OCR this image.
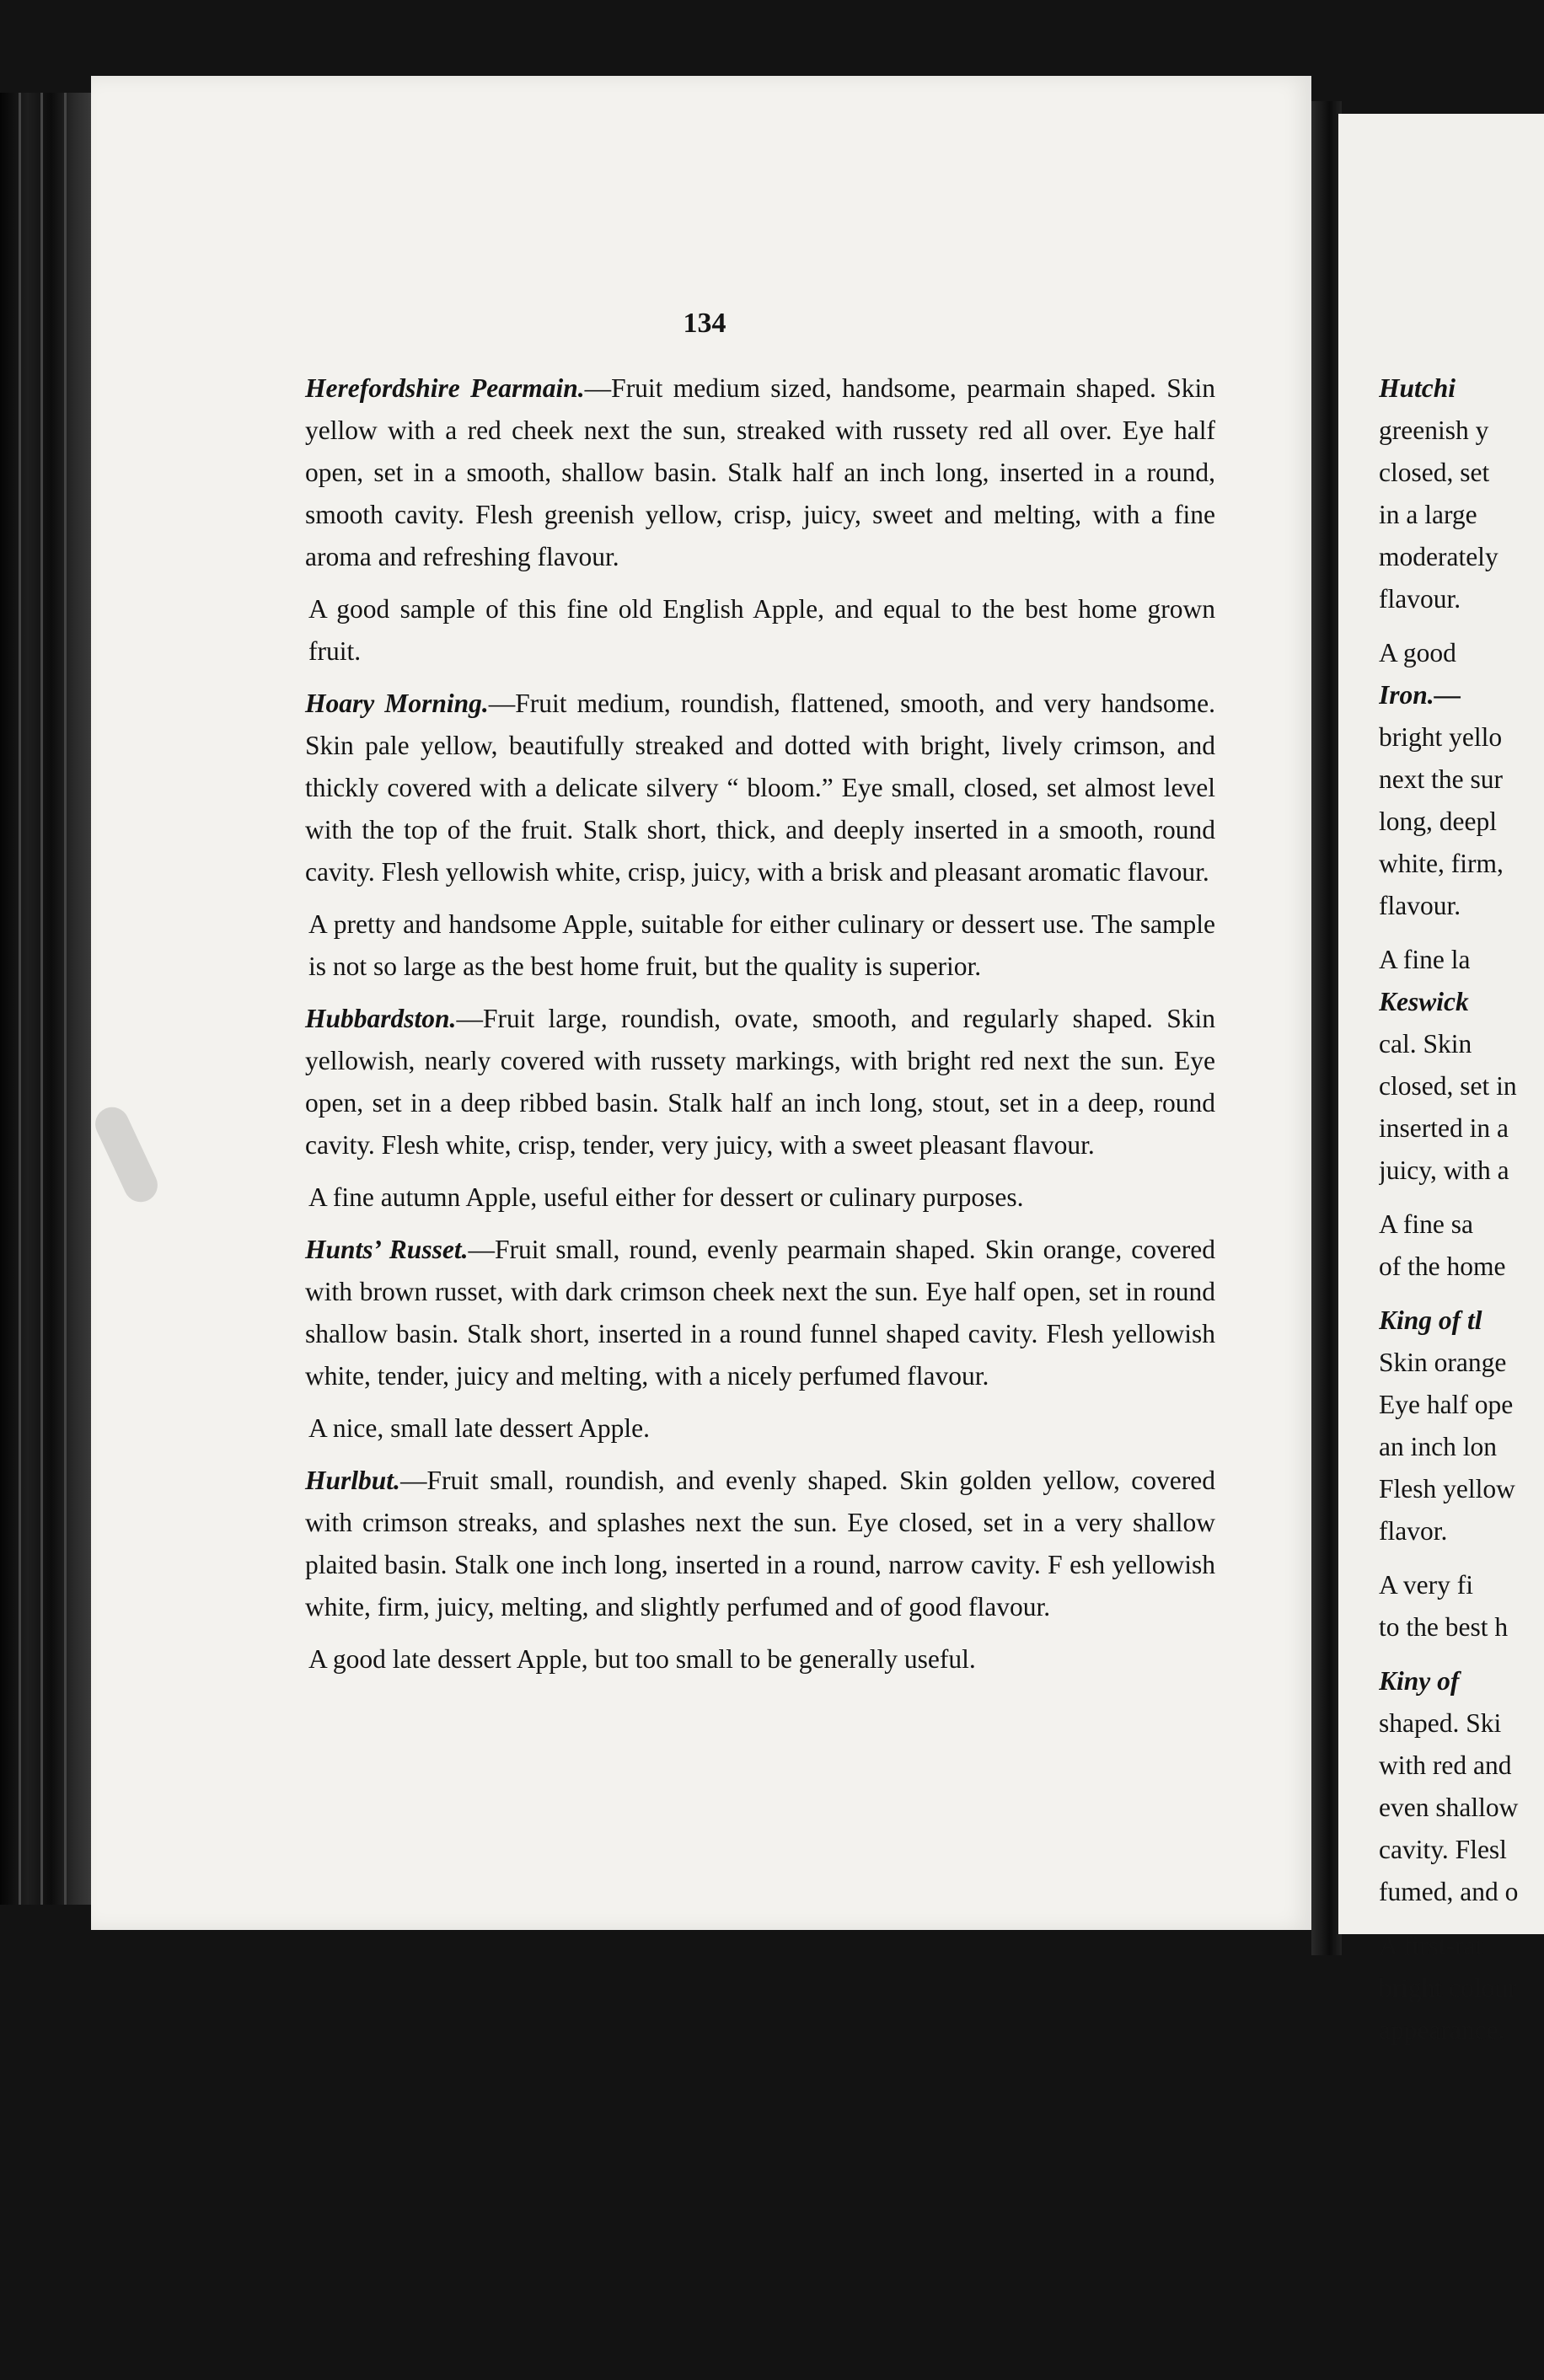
134

Herefordshire Pearmain.—Fruit medium sized, handsome, pearmain shaped. Skin yellow with a red cheek next the sun, streaked with russety red all over. Eye half open, set in a smooth, shallow basin. Stalk half an inch long, inserted in a round, smooth cavity. Flesh greenish yellow, crisp, juicy, sweet and melting, with a fine aroma and refreshing flavour.

A good sample of this fine old English Apple, and equal to the best home grown fruit.

Hoary Morning.—Fruit medium, roundish, flattened, smooth, and very handsome. Skin pale yellow, beautifully streaked and dotted with bright, lively crimson, and thickly covered with a delicate silvery “ bloom.” Eye small, closed, set almost level with the top of the fruit. Stalk short, thick, and deeply inserted in a smooth, round cavity. Flesh yellowish white, crisp, juicy, with a brisk and pleasant aromatic flavour.

A pretty and handsome Apple, suitable for either culinary or dessert use. The sample is not so large as the best home fruit, but the quality is superior.

Hubbardston.—Fruit large, roundish, ovate, smooth, and regularly shaped. Skin yellowish, nearly covered with russety markings, with bright red next the sun. Eye open, set in a deep ribbed basin. Stalk half an inch long, stout, set in a deep, round cavity. Flesh white, crisp, tender, very juicy, with a sweet pleasant flavour.

A fine autumn Apple, useful either for dessert or culinary purposes.

Hunts’ Russet.—Fruit small, round, evenly pearmain shaped. Skin orange, covered with brown russet, with dark crimson cheek next the sun. Eye half open, set in round shallow basin. Stalk short, inserted in a round funnel shaped cavity. Flesh yellowish white, tender, juicy and melting, with a nicely perfumed flavour.

A nice, small late dessert Apple.

Hurlbut.—Fruit small, roundish, and evenly shaped. Skin golden yellow, covered with crimson streaks, and splashes next the sun. Eye closed, set in a very shallow plaited basin. Stalk one inch long, inserted in a round, narrow cavity. F esh yellowish white, firm, juicy, melting, and slightly perfumed and of good flavour.

A good late dessert Apple, but too small to be generally useful.

Hutchi
greenish y
closed, set
in a large
moderately
flavour.
A good
Iron.—
bright yello
next the sur
long, deepl
white, firm,
flavour.
A fine la
Keswick
cal. Skin
closed, set in
inserted in a
juicy, with a
A fine sa
of the home
King of tl
Skin orange
Eye half ope
an inch lon
Flesh yellow
flavor.
A very fi
to the best h
Kiny of
shaped. Ski
with red and
even shallow
cavity. Flesl
fumed, and o
A first-rat
bright colour
appearance.
